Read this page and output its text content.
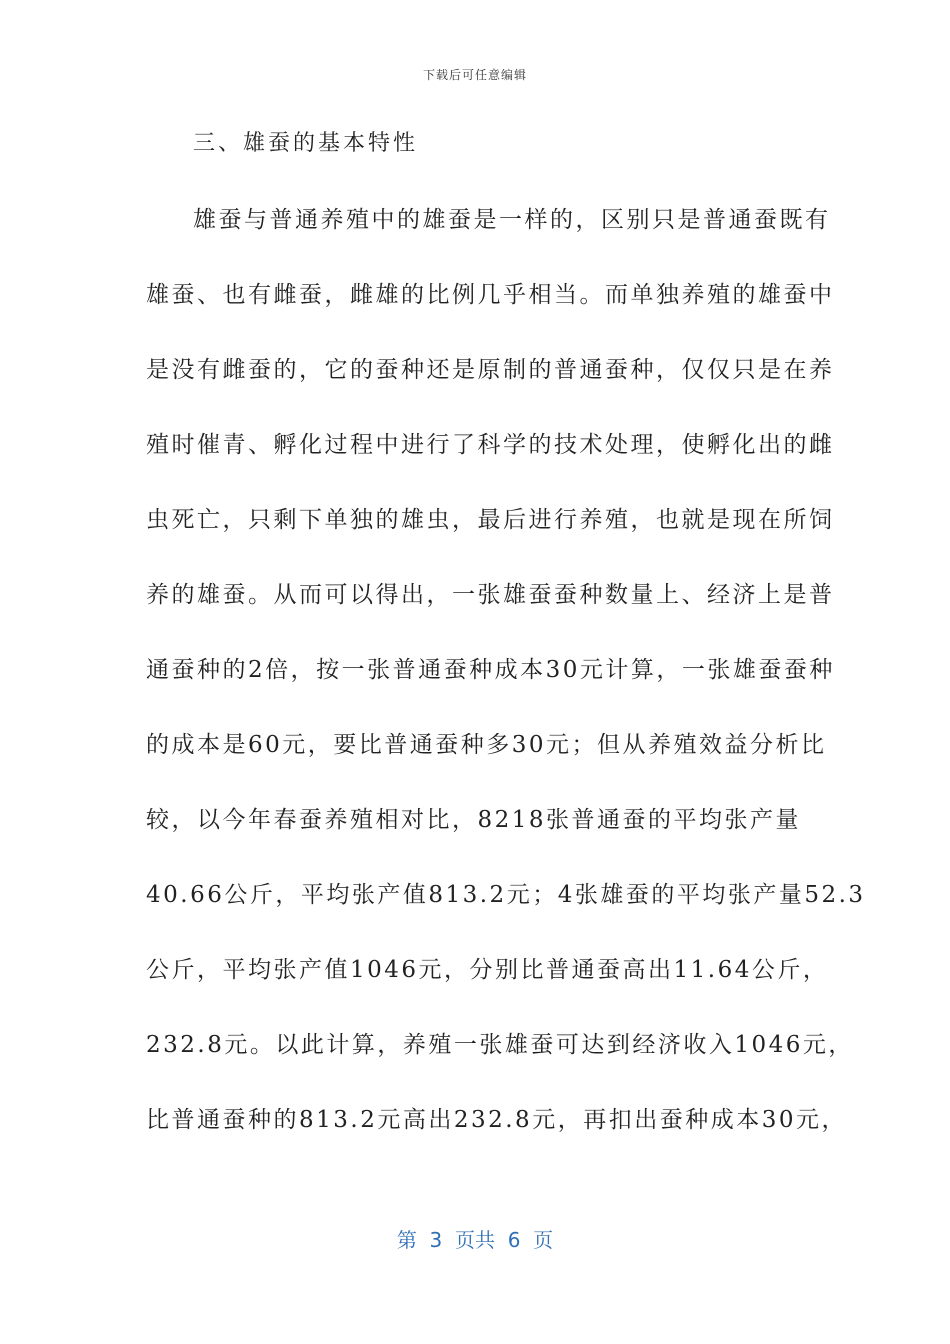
下载后可任意编辑
三、雄蚕的基本特性
雄蚕与普通养殖中的雄蚕是一样的，区别只是普通蚕既有
雄蚕、也有雌蚕，雌雄的比例几乎相当。而单独养殖的雄蚕中
是没有雌蚕的，它的蚕种还是原制的普通蚕种，仅仅只是在养
殖时催青、孵化过程中进行了科学的技术处理，使孵化出的雌
虫死亡，只剩下单独的雄虫，最后进行养殖，也就是现在所饲
养的雄蚕。从而可以得出，一张雄蚕蚕种数量上、经济上是普
通蚕种的2倍，按一张普通蚕种成本30元计算，一张雄蚕蚕种
的成本是60元，要比普通蚕种多30元；但从养殖效益分析比
较，以今年春蚕养殖相对比，8218张普通蚕的平均张产量
40.66公斤，平均张产值813.2元；4张雄蚕的平均张产量52.3
公斤，平均张产值1046元，分别比普通蚕高出11.64公斤，
232.8元。以此计算，养殖一张雄蚕可达到经济收入1046元，
比普通蚕种的813.2元高出232.8元，再扣出蚕种成本30元，
第  3  页共  6  页
